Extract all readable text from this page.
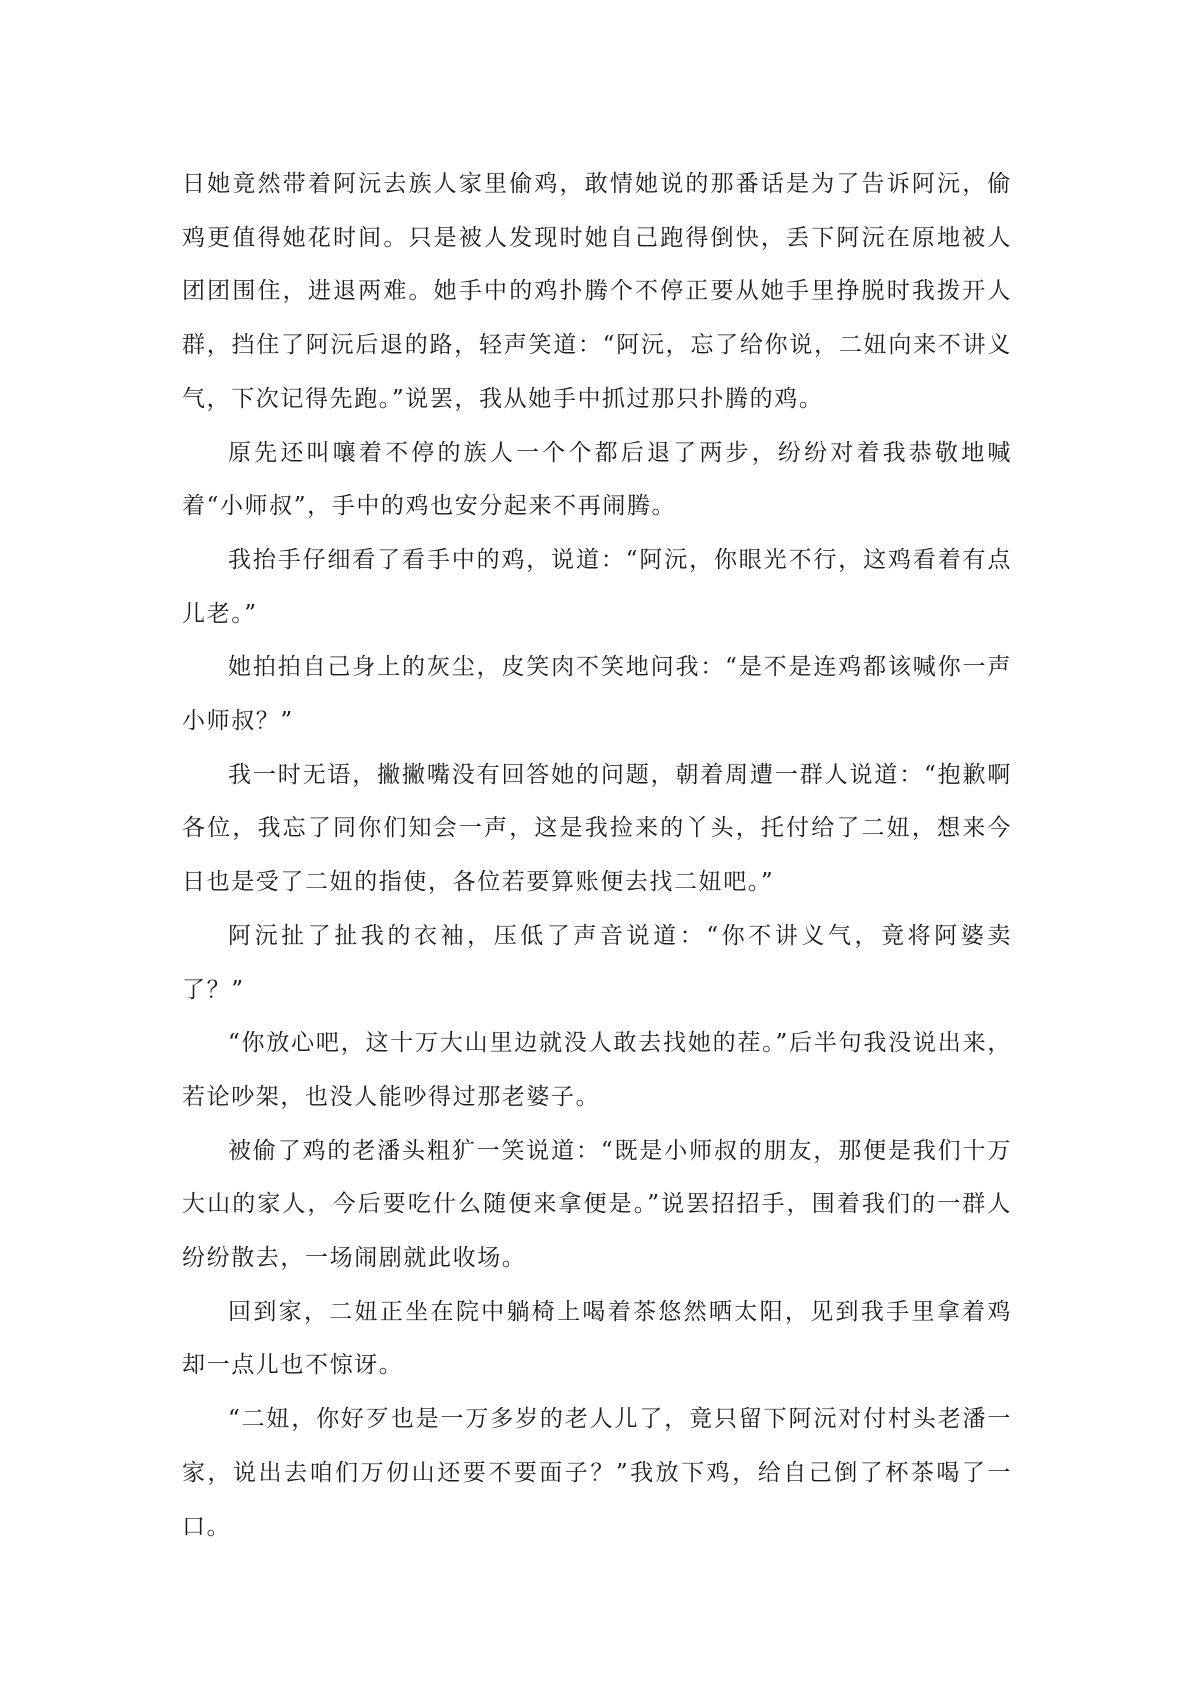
日她竟然带着阿沅去族人家里偷鸡，敢情她说的那番话是为了告诉阿沅，偷鸡更值得她花时间。只是被人发现时她自己跑得倒快，丢下阿沅在原地被人团团围住，进退两难。她手中的鸡扑腾个不停正要从她手里挣脱时我拨开人群，挡住了阿沅后退的路，轻声笑道：“阿沅，忘了给你说，二妞向来不讲义气，下次记得先跑。”说罢，我从她手中抓过那只扑腾的鸡。

原先还叫嚷着不停的族人一个个都后退了两步，纷纷对着我恭敬地喊着“小师叔”，手中的鸡也安分起来不再闹腾。

我抬手仔细看了看手中的鸡，说道：“阿沅，你眼光不行，这鸡看着有点儿老。”

她拍拍自己身上的灰尘，皮笑肉不笑地问我：“是不是连鸡都该喊你一声小师叔？”

我一时无语，撇撇嘴没有回答她的问题，朝着周遭一群人说道：“抱歉啊各位，我忘了同你们知会一声，这是我捡来的丫头，托付给了二妞，想来今日也是受了二妞的指使，各位若要算账便去找二妞吧。”

阿沅扯了扯我的衣袖，压低了声音说道：“你不讲义气，竟将阿婆卖了？”

“你放心吧，这十万大山里边就没人敢去找她的茬。”后半句我没说出来，若论吵架，也没人能吵得过那老婆子。

被偷了鸡的老潘头粗犷一笑说道：“既是小师叔的朋友，那便是我们十万大山的家人，今后要吃什么随便来拿便是。”说罢招招手，围着我们的一群人纷纷散去，一场闹剧就此收场。

回到家，二妞正坐在院中躺椅上喝着茶悠然晒太阳，见到我手里拿着鸡却一点儿也不惊讶。

“二妞，你好歹也是一万多岁的老人儿了，竟只留下阿沅对付村头老潘一家，说出去咱们万仞山还要不要面子？”我放下鸡，给自己倒了杯茶喝了一口。
